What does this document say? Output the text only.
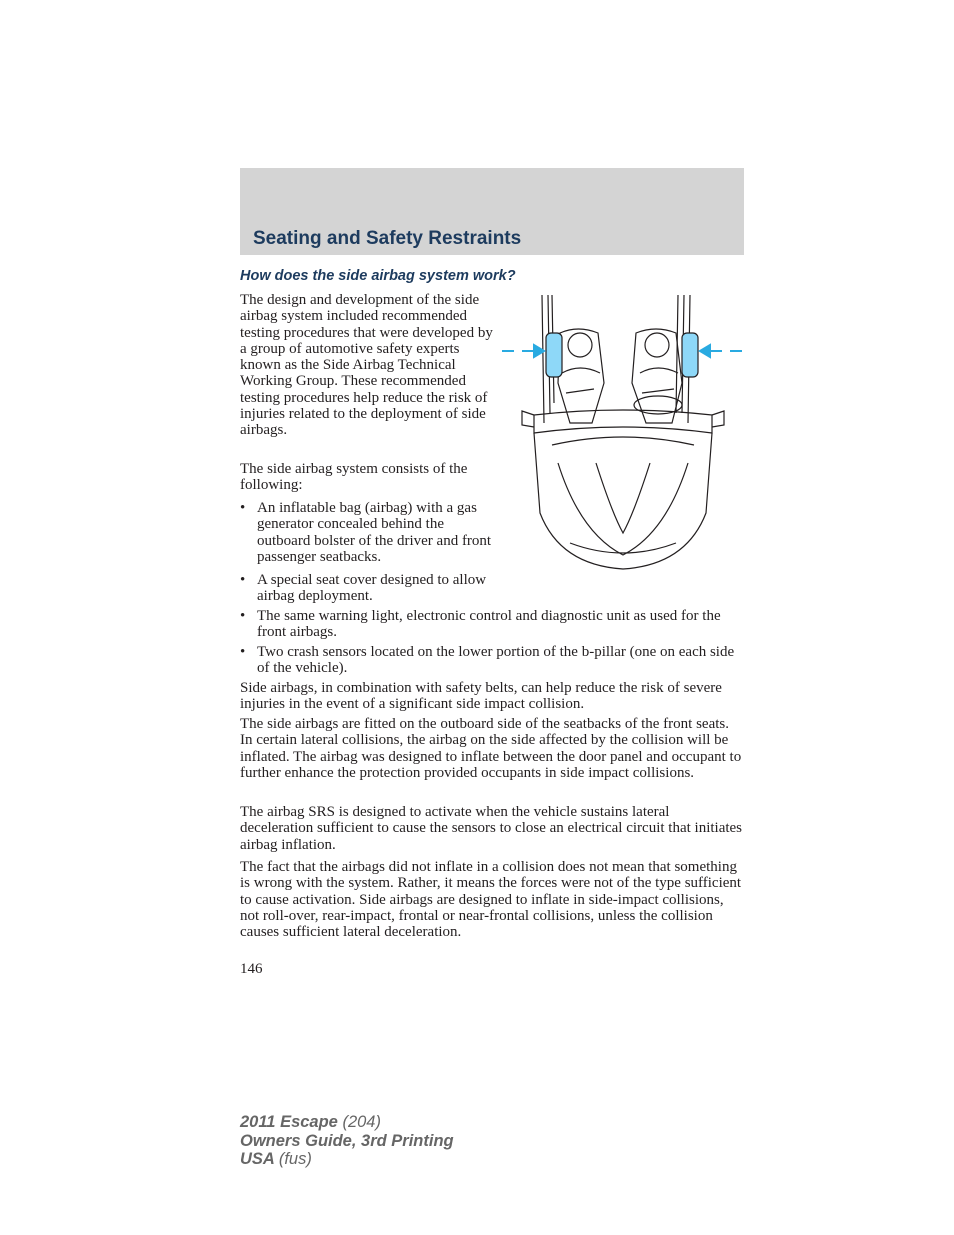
Seating and Safety Restraints
How does the side airbag system work?

The design and development of the side airbag system included recommended testing procedures that were developed by a group of automotive safety experts known as the Side Airbag Technical Working Group. These recommended testing procedures help reduce the risk of injuries related to the deployment of side airbags.

The side airbag system consists of the following:

• An inflatable bag (airbag) with a gas generator concealed behind the outboard bolster of the driver and front passenger seatbacks.
• A special seat cover designed to allow airbag deployment.
• The same warning light, electronic control and diagnostic unit as used for the front airbags.
• Two crash sensors located on the lower portion of the b-pillar (one on each side of the vehicle).

Side airbags, in combination with safety belts, can help reduce the risk of severe injuries in the event of a significant side impact collision.

The side airbags are fitted on the outboard side of the seatbacks of the front seats. In certain lateral collisions, the airbag on the side affected by the collision will be inflated. The airbag was designed to inflate between the door panel and occupant to further enhance the protection provided occupants in side impact collisions.

The airbag SRS is designed to activate when the vehicle sustains lateral deceleration sufficient to cause the sensors to close an electrical circuit that initiates airbag inflation.

The fact that the airbags did not inflate in a collision does not mean that something is wrong with the system. Rather, it means the forces were not of the type sufficient to cause activation. Side airbags are designed to inflate in side-impact collisions, not roll-over, rear-impact, frontal or near-frontal collisions, unless the collision causes sufficient lateral deceleration.

146
2011 Escape (204)
Owners Guide, 3rd Printing
USA (fus)
